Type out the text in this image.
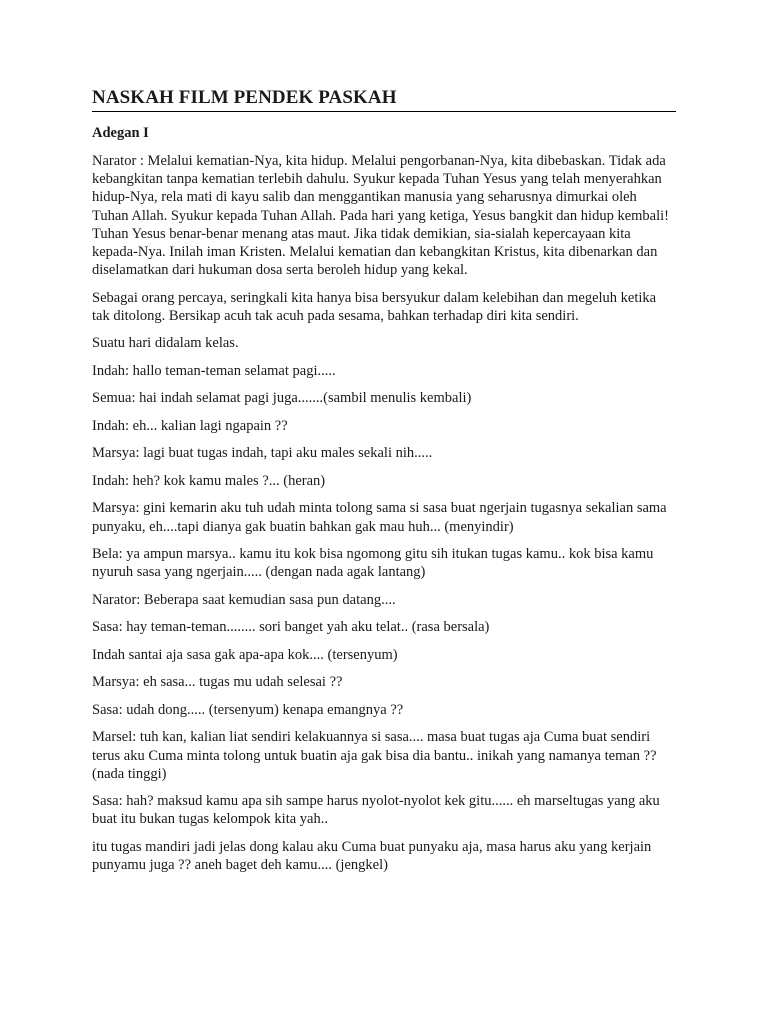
NASKAH FILM PENDEK PASKAH
Adegan I

Narator : Melalui kematian-Nya, kita hidup. Melalui pengorbanan-Nya, kita dibebaskan. Tidak ada kebangkitan tanpa kematian terlebih dahulu. Syukur kepada Tuhan Yesus yang telah menyerahkan hidup-Nya, rela mati di kayu salib dan menggantikan manusia yang seharusnya dimurkai oleh Tuhan Allah. Syukur kepada Tuhan Allah. Pada hari yang ketiga, Yesus bangkit dan hidup kembali! Tuhan Yesus benar-benar menang atas maut. Jika tidak demikian, sia-sialah kepercayaan kita kepada-Nya. Inilah iman Kristen. Melalui kematian dan kebangkitan Kristus, kita dibenarkan dan diselamatkan dari hukuman dosa serta beroleh hidup yang kekal.

Sebagai orang percaya, seringkali kita hanya bisa bersyukur dalam kelebihan dan megeluh ketika tak ditolong. Bersikap acuh tak acuh pada sesama, bahkan terhadap diri kita sendiri.

Suatu hari didalam kelas.

Indah: hallo teman-teman selamat pagi.....

Semua: hai indah selamat pagi juga.......(sambil menulis kembali)

Indah: eh... kalian lagi ngapain ??

Marsya: lagi buat tugas indah, tapi aku males sekali nih.....

Indah: heh? kok kamu males ?... (heran)

Marsya: gini kemarin aku tuh udah minta tolong sama si sasa buat ngerjain tugasnya sekalian sama punyaku, eh....tapi dianya gak buatin bahkan gak mau huh... (menyindir)

Bela: ya ampun marsya.. kamu itu kok bisa ngomong gitu sih itukan tugas kamu.. kok bisa kamu nyuruh sasa yang ngerjain..... (dengan nada agak lantang)

Narator: Beberapa saat kemudian sasa pun datang....

Sasa: hay teman-teman........ sori banget yah aku telat.. (rasa bersala)

Indah santai aja sasa gak apa-apa kok.... (tersenyum)

Marsya: eh sasa... tugas mu udah selesai ??

Sasa: udah dong..... (tersenyum) kenapa emangnya ??

Marsel: tuh kan, kalian liat sendiri kelakuannya si sasa.... masa buat tugas aja Cuma buat sendiri terus aku Cuma minta tolong untuk buatin aja gak bisa dia bantu.. inikah yang namanya teman ?? (nada tinggi)

Sasa: hah? maksud kamu apa sih sampe harus nyolot-nyolot kek gitu...... eh marseltugas yang aku buat itu bukan tugas kelompok kita yah..

itu tugas mandiri jadi jelas dong kalau aku Cuma buat punyaku aja, masa harus aku yang kerjain punyamu juga ?? aneh baget deh kamu.... (jengkel)
